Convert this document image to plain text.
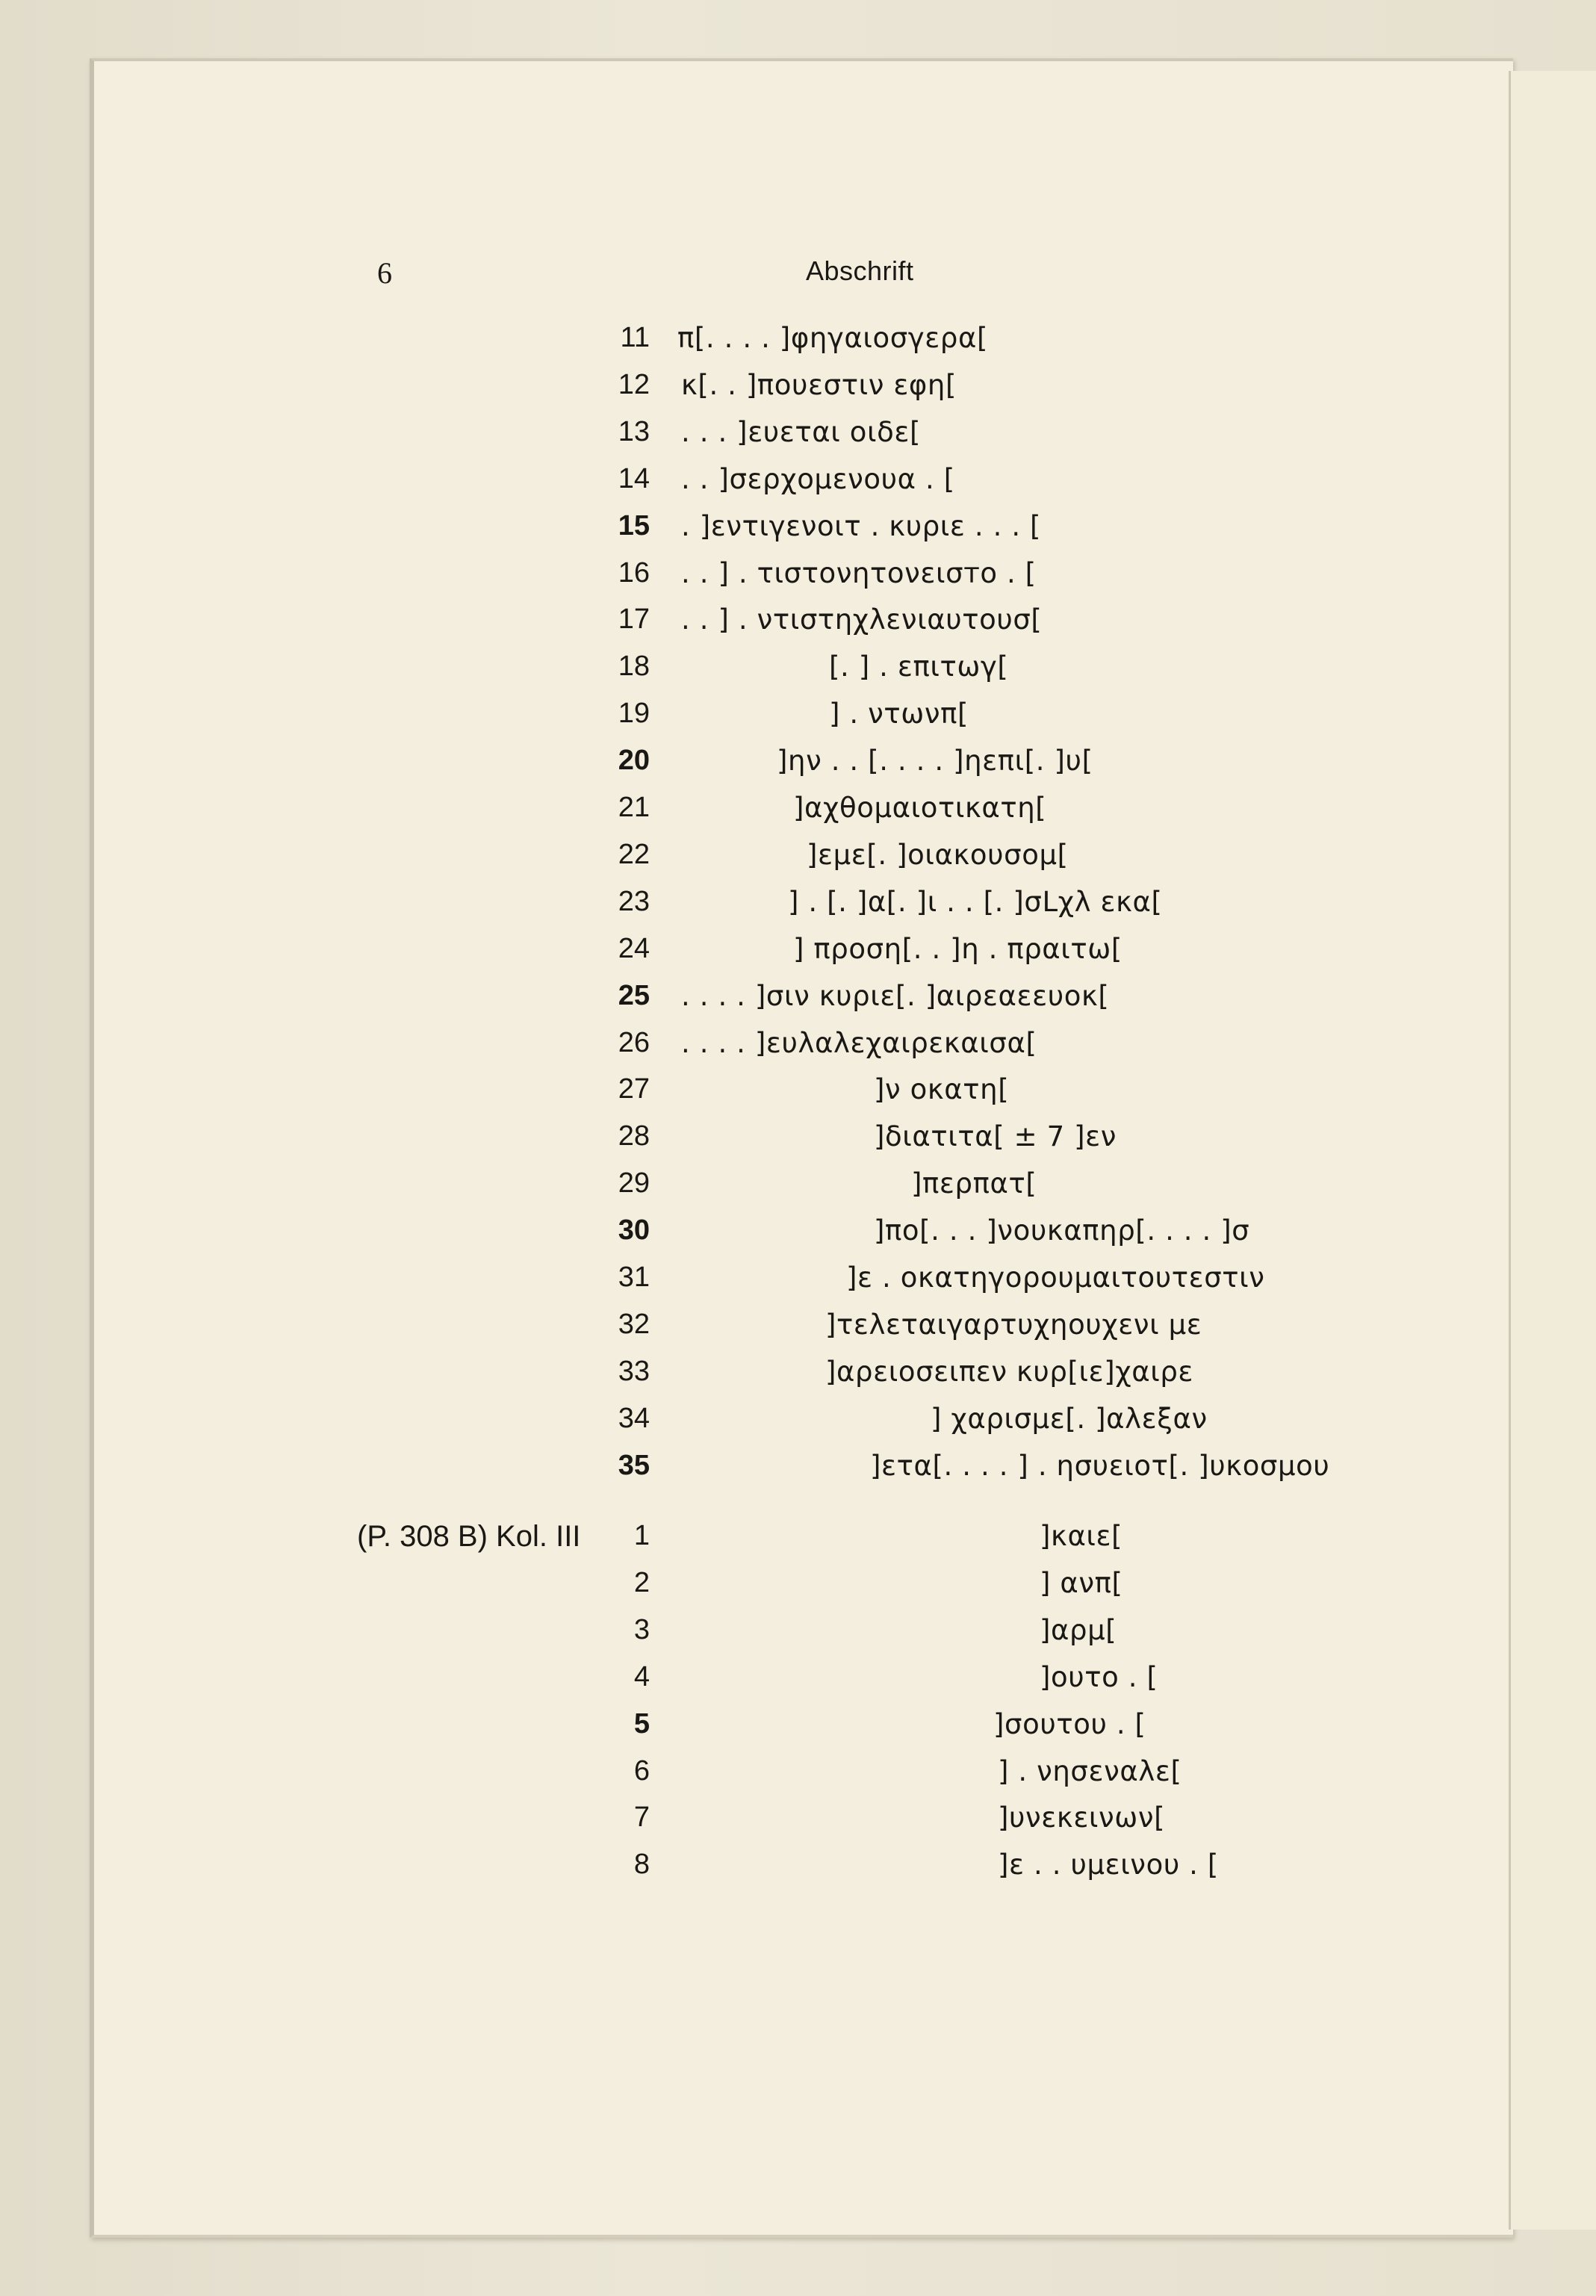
6	Abschrift
11 π[. . . . ]φηγαιοσγερα[
12 κ[. . ]πουεστιν εφη[
13 . . . ]ευεται οιδε[
14 . . ]σερχομενουα . [
15 . ]εντιγενοιτ . κυριε . . . [
16 . . ] . τιστονητονεισто . [
17 . . ] . ντιστηχλενιαυτουσ[
18	[. ] . επιτωγ[
19	] . ντωνπ[
20	]ην . . [. . . . ]ηεπι[. ]υ[
21	]αχθομαιοτικατη[
22	]εμε[. ]οιακουσομ[
23	] . [. ]α[. ]ι . . [. ]σLχλ εκα[
24	] προση[. . ]η . πραιτω[
25 . . . . ]σιν κυριε[. ]αιρεαεευοκ[
26 . . . . ]ευλαλεχαιρεκαισα[
27	]ν οκατη[
28	]διατιτα[ ± 7 ]εν
29	]περπατ[
30	]πο[. . . ]νουκαπηρ[. . . . ]σ
31	]ε . οκατηγορουμαιτουτεστιν
32	]τελεταιγαρτυχηουχενι με
33	]αρειοσειπεν κυρ[ιε]χαιρε
34	] χαρισμε[. ]αλεξαν
35	]ετα[. . . . ] . ησυειοτ[. ]υκοσμου
(P. 308 B) Kol. III	1	]καιε[
2	] ανπ[
3	]αρμ[
4	]ουτο . [
5	]σουτου . [
6	] . νησεναλε[
7	]υνεκεινων[
8	]ε . . υμεινου . [
